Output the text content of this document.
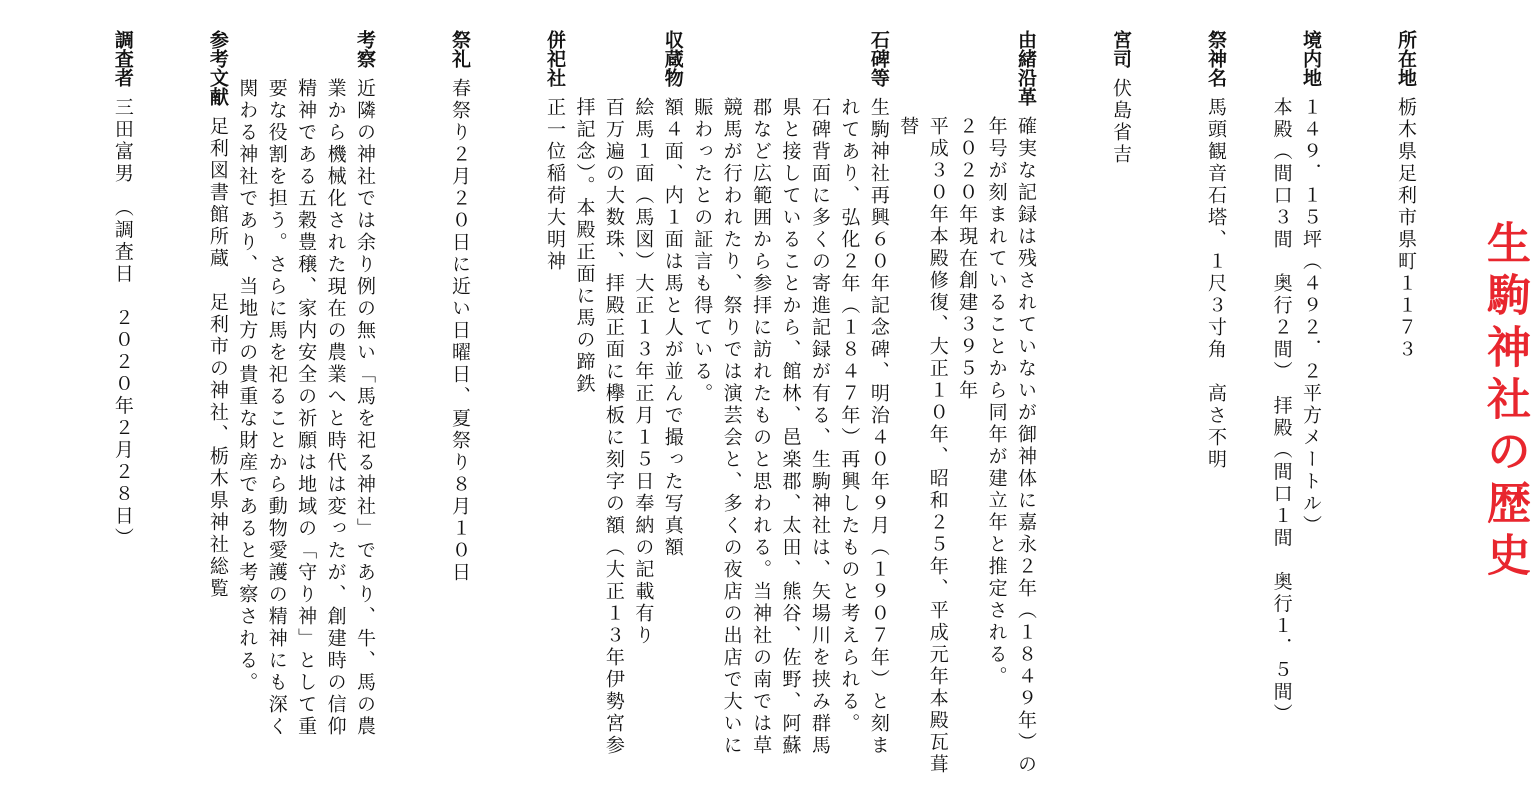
生駒神社の歴史
所在地

栃木県足利市県町１１７３

境内地

１４９．１５坪（４９２．２平方メートル）

本殿（間口３間　奥行２間）　拝殿（間口１間　奥行１．５間）

祭神名

馬頭観音石塔、１尺３寸角　高さ不明

宮司

伏島省吉

由緒沿革

確実な記録は残されていないが御神体に嘉永２年（１８４９年）の年号が刻まれていることから同年が建立年と推定される。

２０２０年現在創建３９５年

平成３０年本殿修復、大正１０年、昭和２５年、平成元年本殿瓦葺替

石碑等

生駒神社再興６０年記念碑、明治４０年９月（１９０７年）と刻まれてあり、弘化２年（１８４７年）再興したものと考えられる。

石碑背面に多くの寄進記録が有る、生駒神社は、矢場川を挟み群馬県と接していることから、館林、邑楽郡、太田、熊谷、佐野、阿蘇郡など広範囲から参拝に訪れたものと思われる。当神社の南では草競馬が行われたり、祭りでは演芸会と、多くの夜店の出店で大いに賑わったとの証言も得ている。

収蔵物

額４面、内１面は馬と人が並んで撮った写真額

絵馬１面（馬図）大正１３年正月１５日奉納の記載有り

百万遍の大数珠、拝殿正面に欅板に刻字の額（大正１３年伊勢宮参拝記念）。本殿正面に馬の蹄鉄

併祀社

正一位稲荷大明神

祭礼

春祭り２月２０日に近い日曜日、夏祭り８月１０日

考察

近隣の神社では余り例の無い「馬を祀る神社」であり、牛、馬の農業から機械化された現在の農業へと時代は変ったが、創建時の信仰精神である五穀豊穣、家内安全の祈願は地域の「守り神」として重要な役割を担う。さらに馬を祀ることから動物愛護の精神にも深く関わる神社であり、当地方の貴重な財産であると考察される。

参考文献

足利図書館所蔵　足利市の神社、栃木県神社総覧

調査者

三田富男　（調査日　２０２０年２月２８日）
